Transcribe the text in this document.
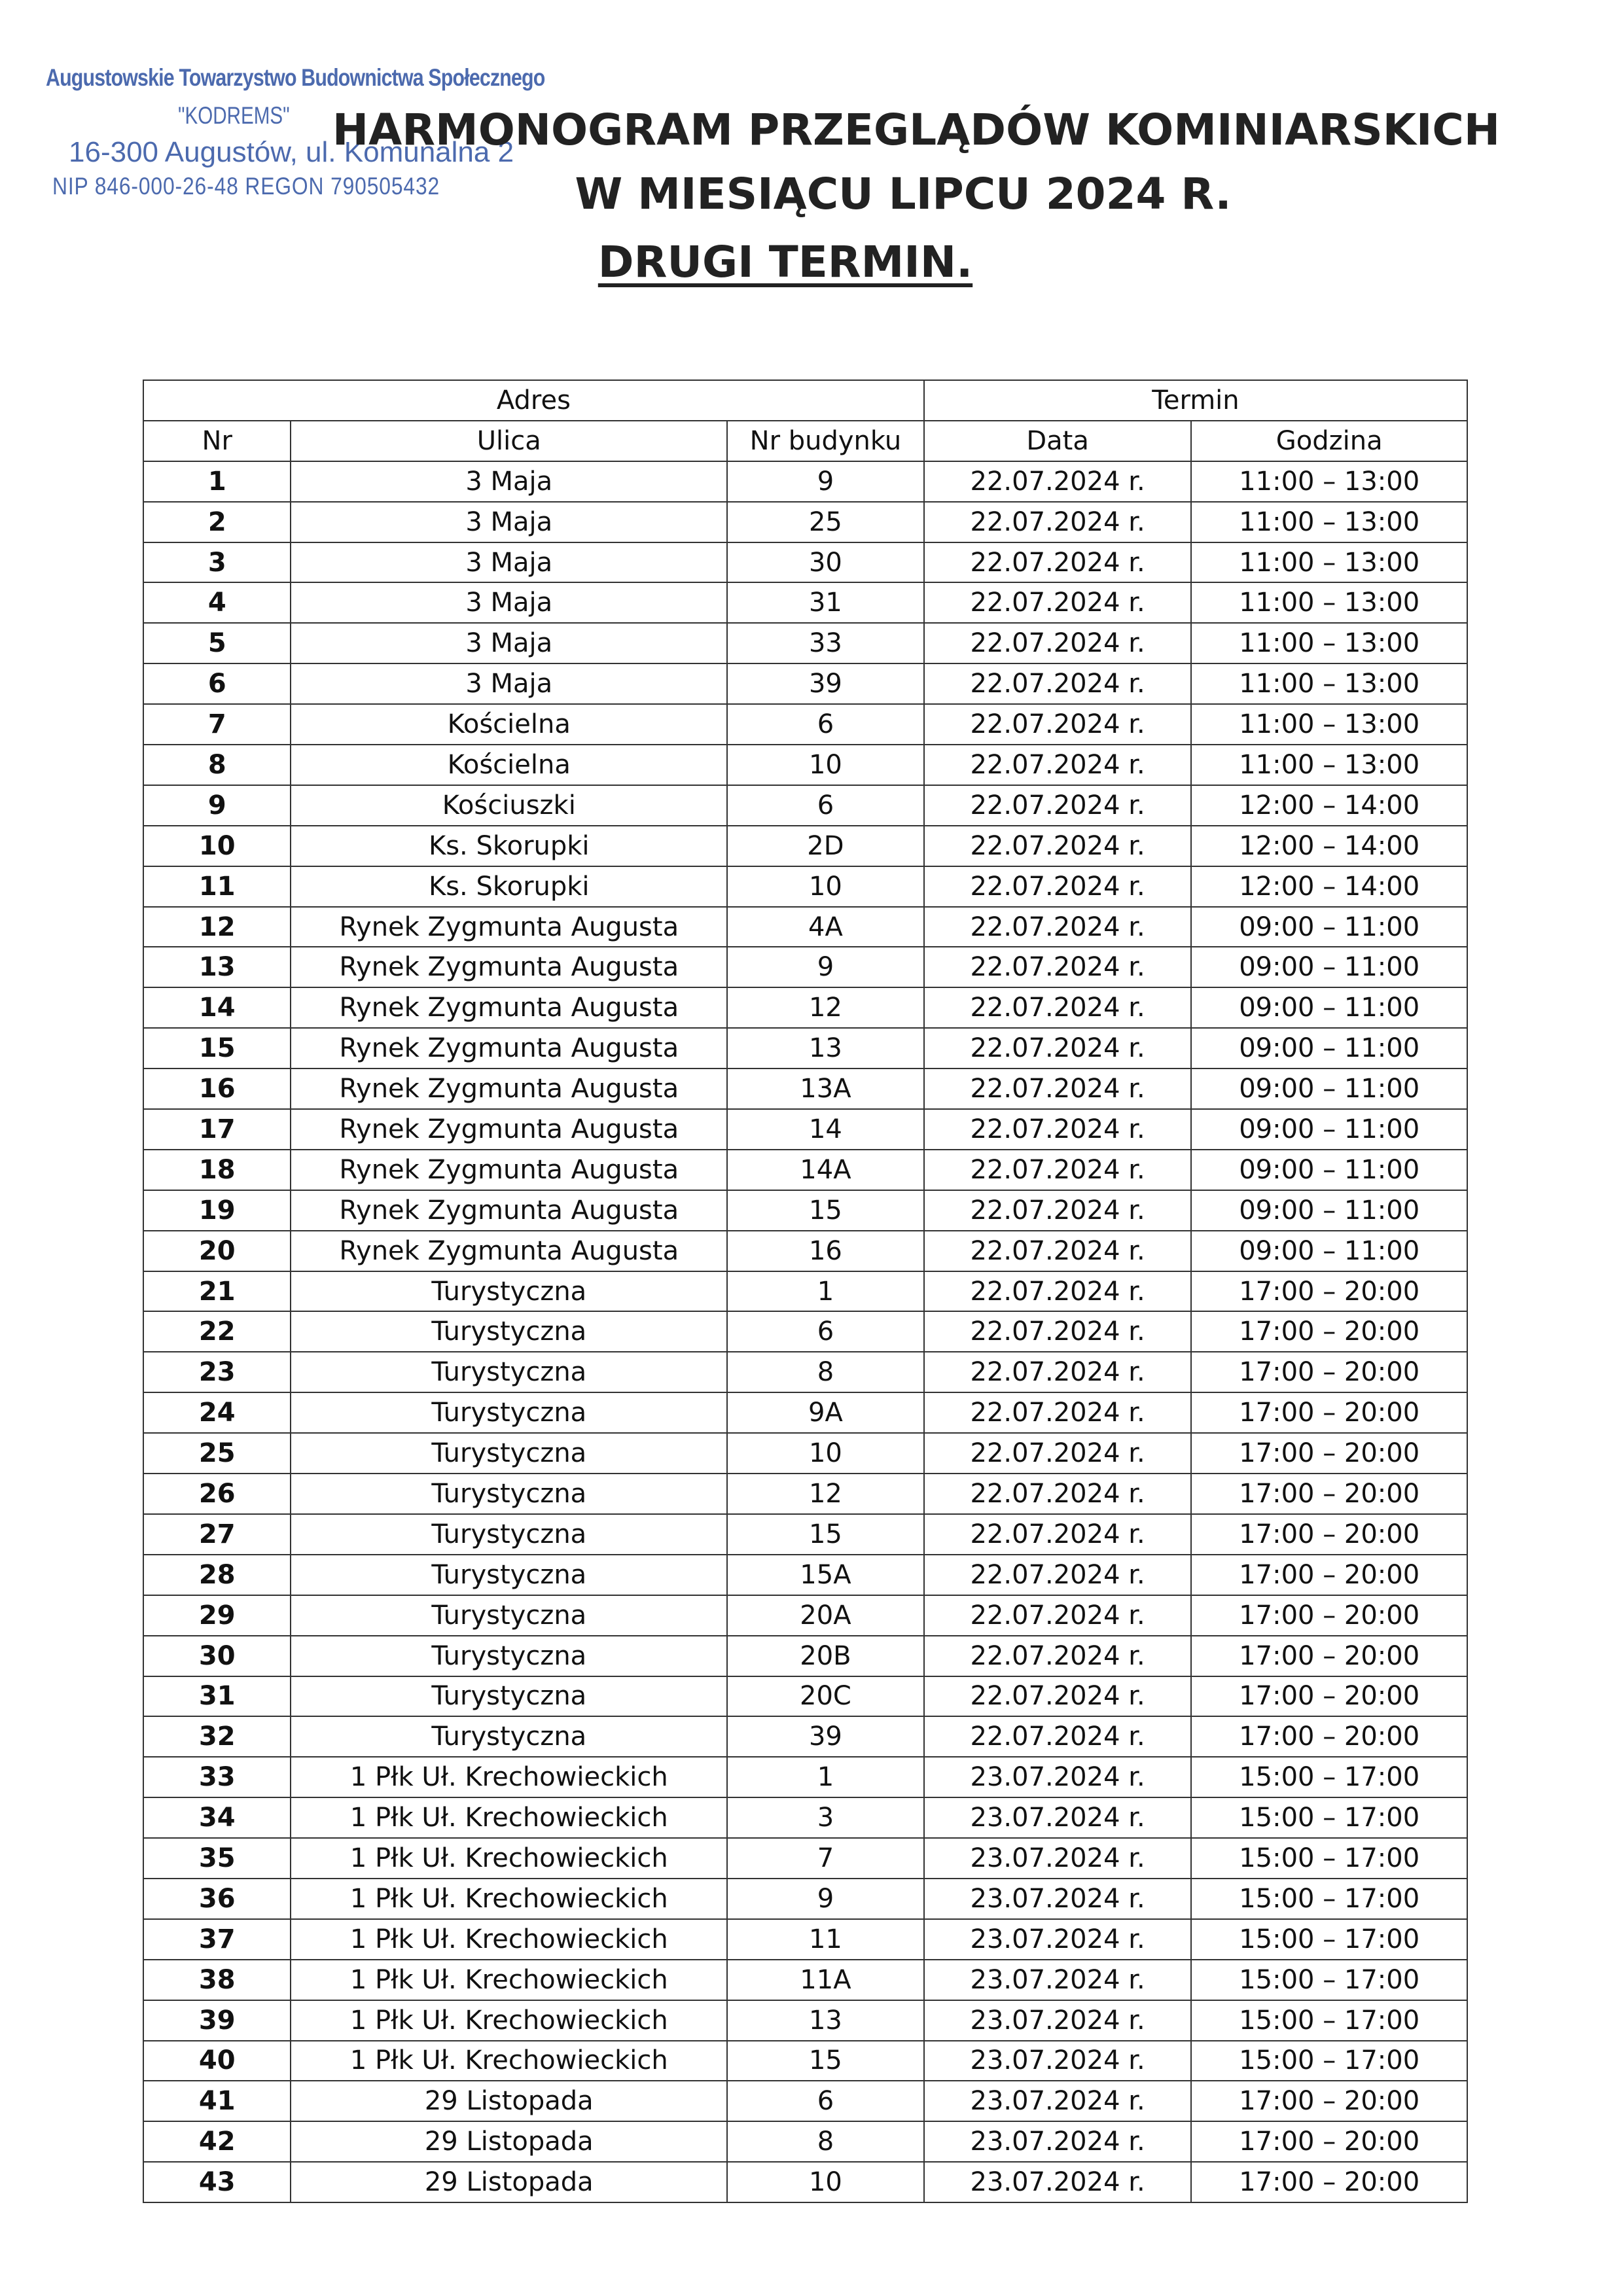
Augustowskie Towarzystwo Budownictwa Społecznego
"KODREMS"
16-300 Augustów, ul. Komunalna 2
NIP 846-000-26-48 REGON 790505432
HARMONOGRAM PRZEGLĄDÓW KOMINIARSKICH
W MIESIĄCU LIPCU 2024 R.
DRUGI TERMIN.
Adres			Termin	
Nr	Ulica	Nr budynku	Data	Godzina
1	3 Maja	9	22.07.2024 r.	11:00 – 13:00
2	3 Maja	25	22.07.2024 r.	11:00 – 13:00
3	3 Maja	30	22.07.2024 r.	11:00 – 13:00
4	3 Maja	31	22.07.2024 r.	11:00 – 13:00
5	3 Maja	33	22.07.2024 r.	11:00 – 13:00
6	3 Maja	39	22.07.2024 r.	11:00 – 13:00
7	Kościelna	6	22.07.2024 r.	11:00 – 13:00
8	Kościelna	10	22.07.2024 r.	11:00 – 13:00
9	Kościuszki	6	22.07.2024 r.	12:00 – 14:00
10	Ks. Skorupki	2D	22.07.2024 r.	12:00 – 14:00
11	Ks. Skorupki	10	22.07.2024 r.	12:00 – 14:00
12	Rynek Zygmunta Augusta	4A	22.07.2024 r.	09:00 – 11:00
13	Rynek Zygmunta Augusta	9	22.07.2024 r.	09:00 – 11:00
14	Rynek Zygmunta Augusta	12	22.07.2024 r.	09:00 – 11:00
15	Rynek Zygmunta Augusta	13	22.07.2024 r.	09:00 – 11:00
16	Rynek Zygmunta Augusta	13A	22.07.2024 r.	09:00 – 11:00
17	Rynek Zygmunta Augusta	14	22.07.2024 r.	09:00 – 11:00
18	Rynek Zygmunta Augusta	14A	22.07.2024 r.	09:00 – 11:00
19	Rynek Zygmunta Augusta	15	22.07.2024 r.	09:00 – 11:00
20	Rynek Zygmunta Augusta	16	22.07.2024 r.	09:00 – 11:00
21	Turystyczna	1	22.07.2024 r.	17:00 – 20:00
22	Turystyczna	6	22.07.2024 r.	17:00 – 20:00
23	Turystyczna	8	22.07.2024 r.	17:00 – 20:00
24	Turystyczna	9A	22.07.2024 r.	17:00 – 20:00
25	Turystyczna	10	22.07.2024 r.	17:00 – 20:00
26	Turystyczna	12	22.07.2024 r.	17:00 – 20:00
27	Turystyczna	15	22.07.2024 r.	17:00 – 20:00
28	Turystyczna	15A	22.07.2024 r.	17:00 – 20:00
29	Turystyczna	20A	22.07.2024 r.	17:00 – 20:00
30	Turystyczna	20B	22.07.2024 r.	17:00 – 20:00
31	Turystyczna	20C	22.07.2024 r.	17:00 – 20:00
32	Turystyczna	39	22.07.2024 r.	17:00 – 20:00
33	1 Płk Uł. Krechowieckich	1	23.07.2024 r.	15:00 – 17:00
34	1 Płk Uł. Krechowieckich	3	23.07.2024 r.	15:00 – 17:00
35	1 Płk Uł. Krechowieckich	7	23.07.2024 r.	15:00 – 17:00
36	1 Płk Uł. Krechowieckich	9	23.07.2024 r.	15:00 – 17:00
37	1 Płk Uł. Krechowieckich	11	23.07.2024 r.	15:00 – 17:00
38	1 Płk Uł. Krechowieckich	11A	23.07.2024 r.	15:00 – 17:00
39	1 Płk Uł. Krechowieckich	13	23.07.2024 r.	15:00 – 17:00
40	1 Płk Uł. Krechowieckich	15	23.07.2024 r.	15:00 – 17:00
41	29 Listopada	6	23.07.2024 r.	17:00 – 20:00
42	29 Listopada	8	23.07.2024 r.	17:00 – 20:00
43	29 Listopada	10	23.07.2024 r.	17:00 – 20:00
